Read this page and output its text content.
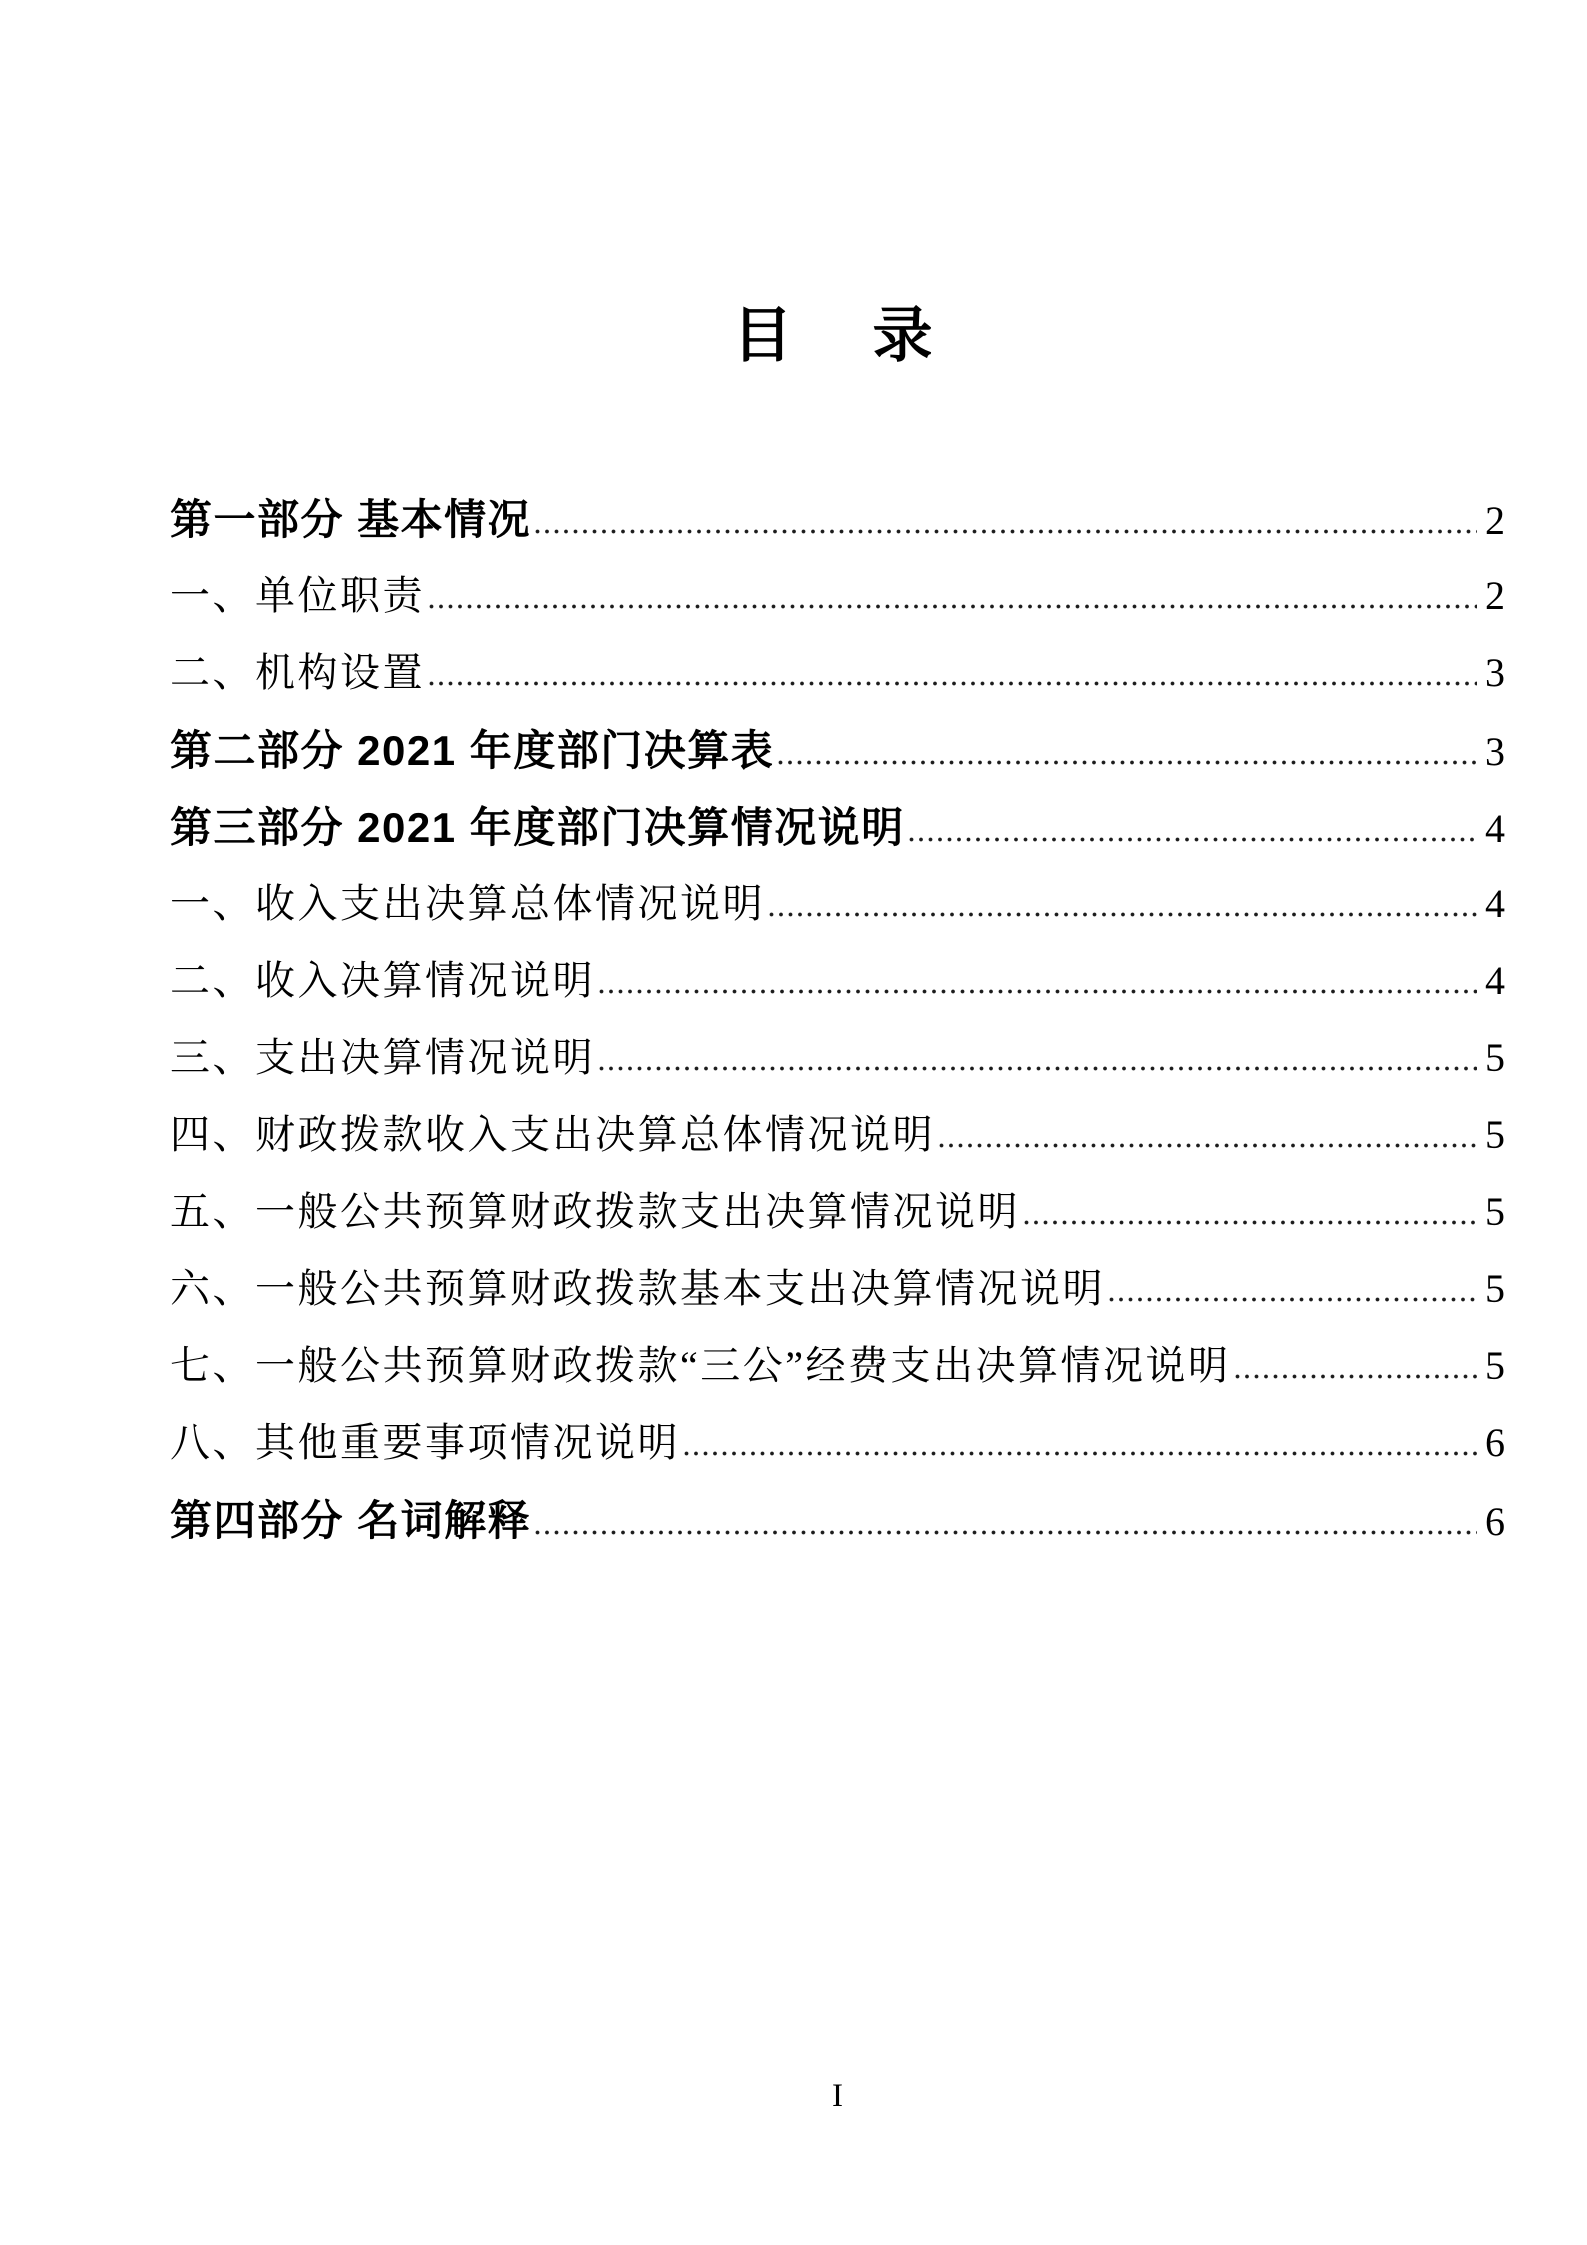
目　录
第一部分 基本情况	2
一、单位职责	2
二、机构设置	3
第二部分 2021 年度部门决算表	3
第三部分 2021 年度部门决算情况说明	4
一、收入支出决算总体情况说明	4
二、收入决算情况说明	4
三、支出决算情况说明	5
四、财政拨款收入支出决算总体情况说明	5
五、一般公共预算财政拨款支出决算情况说明	5
六、一般公共预算财政拨款基本支出决算情况说明	5
七、一般公共预算财政拨款“三公”经费支出决算情况说明	5
八、其他重要事项情况说明	6
第四部分 名词解释	6
I
